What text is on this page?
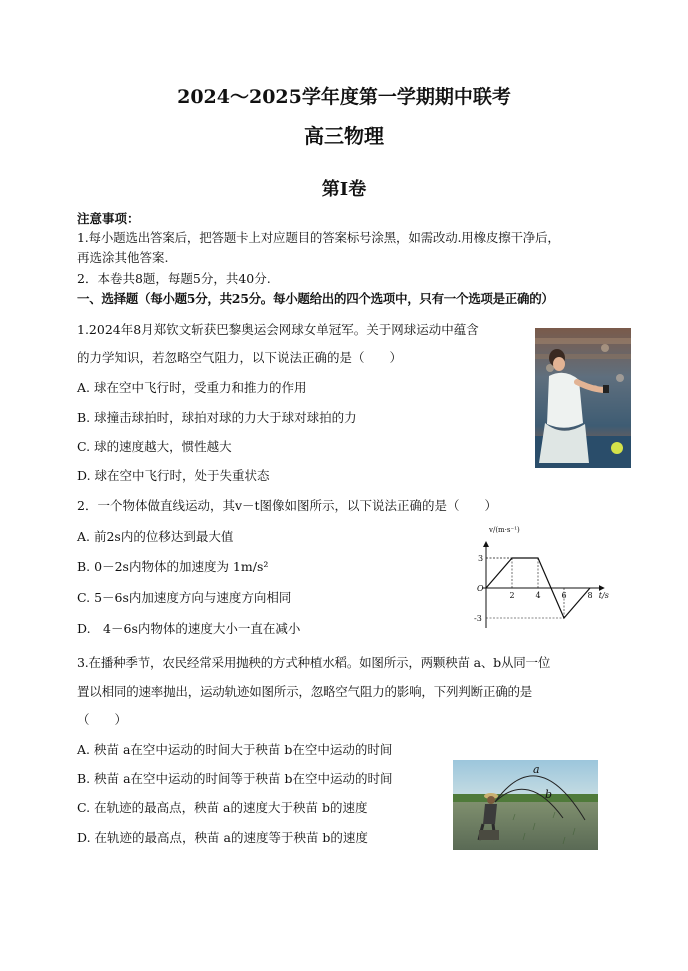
2024～2025学年度第一学期期中联考
高三物理
第Ⅰ卷
注意事项：
1.每小题选出答案后，把答题卡上对应题目的答案标号涂黑，如需改动.用橡皮擦干净后，
再选涂其他答案.
2．本卷共8题，每题5分，共40分.
一、选择题（每小题5分，共25分。每小题给出的四个选项中，只有一个选项是正确的）
1.2024年8月郑钦文斩获巴黎奥运会网球女单冠军。关于网球运动中蕴含
的力学知识，若忽略空气阻力，以下说法正确的是（　　）
A. 球在空中飞行时，受重力和推力的作用
B. 球撞击球拍时，球拍对球的力大于球对球拍的力
C. 球的速度越大，惯性越大
D. 球在空中飞行时，处于失重状态
2．一个物体做直线运动，其v－t图像如图所示，以下说法正确的是（　　）
A. 前2s内的位移达到最大值
B. 0－2s内物体的加速度为 1m/s²
C. 5－6s内加速度方向与速度方向相同
D.　4－6s内物体的速度大小一直在减小
2	4	6	8
3
-3
O
v/(m·s⁻¹)
t/s
3.在播种季节，农民经常采用抛秧的方式种植水稻。如图所示，两颗秧苗 a、b从同一位
置以相同的速率抛出，运动轨迹如图所示，忽略空气阻力的影响，下列判断正确的是
（　　）
A. 秧苗 a在空中运动的时间大于秧苗 b在空中运动的时间
B. 秧苗 a在空中运动的时间等于秧苗 b在空中运动的时间
C. 在轨迹的最高点，秧苗 a的速度大于秧苗 b的速度
D. 在轨迹的最高点，秧苗 a的速度等于秧苗 b的速度
a
b
